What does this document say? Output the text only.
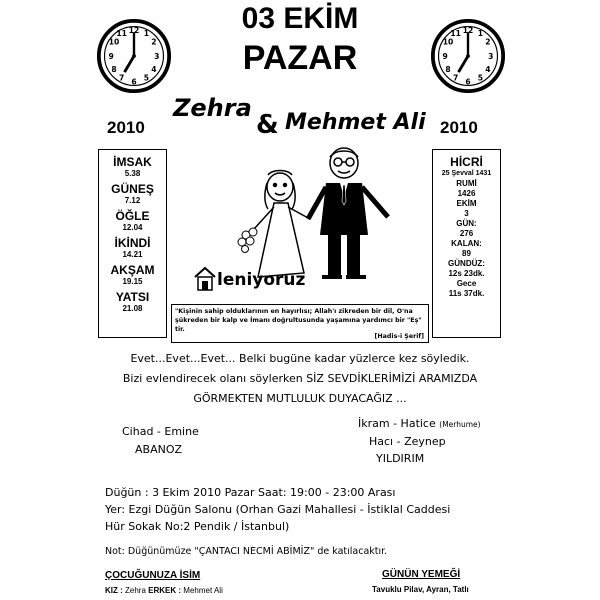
03 EKİM
PAZAR
12 1
2
3
4
5
6
7
8
9
10
11	12 1
2
3
4
5
6
7
8
9
10
11
2010	2010
Zehra
& Mehmet Ali
İMSAK
5.38
GÜNEŞ
7.12
ÖĞLE
12.04
İKİNDİ
14.21
AKŞAM
19.15
YATSI
21.08
HİCRİ
25 Şevval 1431
RUMİ
1426
EKİM
3
GÜN:
276
KALAN:
89
GÜNDÜZ:
12s 23dk.
Gece
11s 37dk.
leniyoruz
"Kişinin sahip olduklarının en hayırlısı; Allah'ı zikreden bir dil, O'na
şükreden bir kalp ve İmanı doğrultusunda yaşamına yardımcı bir "Eş" tir.
[Hadis-i Şerif]
Evet...Evet...Evet... Belki bugüne kadar yüzlerce kez söyledik.
Bizi evlendirecek olanı söylerken SİZ SEVDİKLERİMİZİ ARAMIZDA
GÖRMEKTEN MUTLULUK DUYACAĞIZ ...
Cihad - Emine
ABANOZ
İkram - Hatice (Merhume)
Hacı - Zeynep
YILDIRIM
Düğün : 3 Ekim 2010 Pazar Saat: 19:00 - 23:00 Arası
Yer: Ezgi Düğün Salonu (Orhan Gazi Mahallesi - İstiklal Caddesi
Hür Sokak No:2 Pendik / İstanbul)
Not: Düğünümüze "ÇANTACI NECMİ ABİMİZ" de katılacaktır.
ÇOCUĞUNUZA İSİM
KIZ : Zehra ERKEK : Mehmet Ali
GÜNÜN YEMEĞİ
Tavuklu Pilav, Ayran, Tatlı
